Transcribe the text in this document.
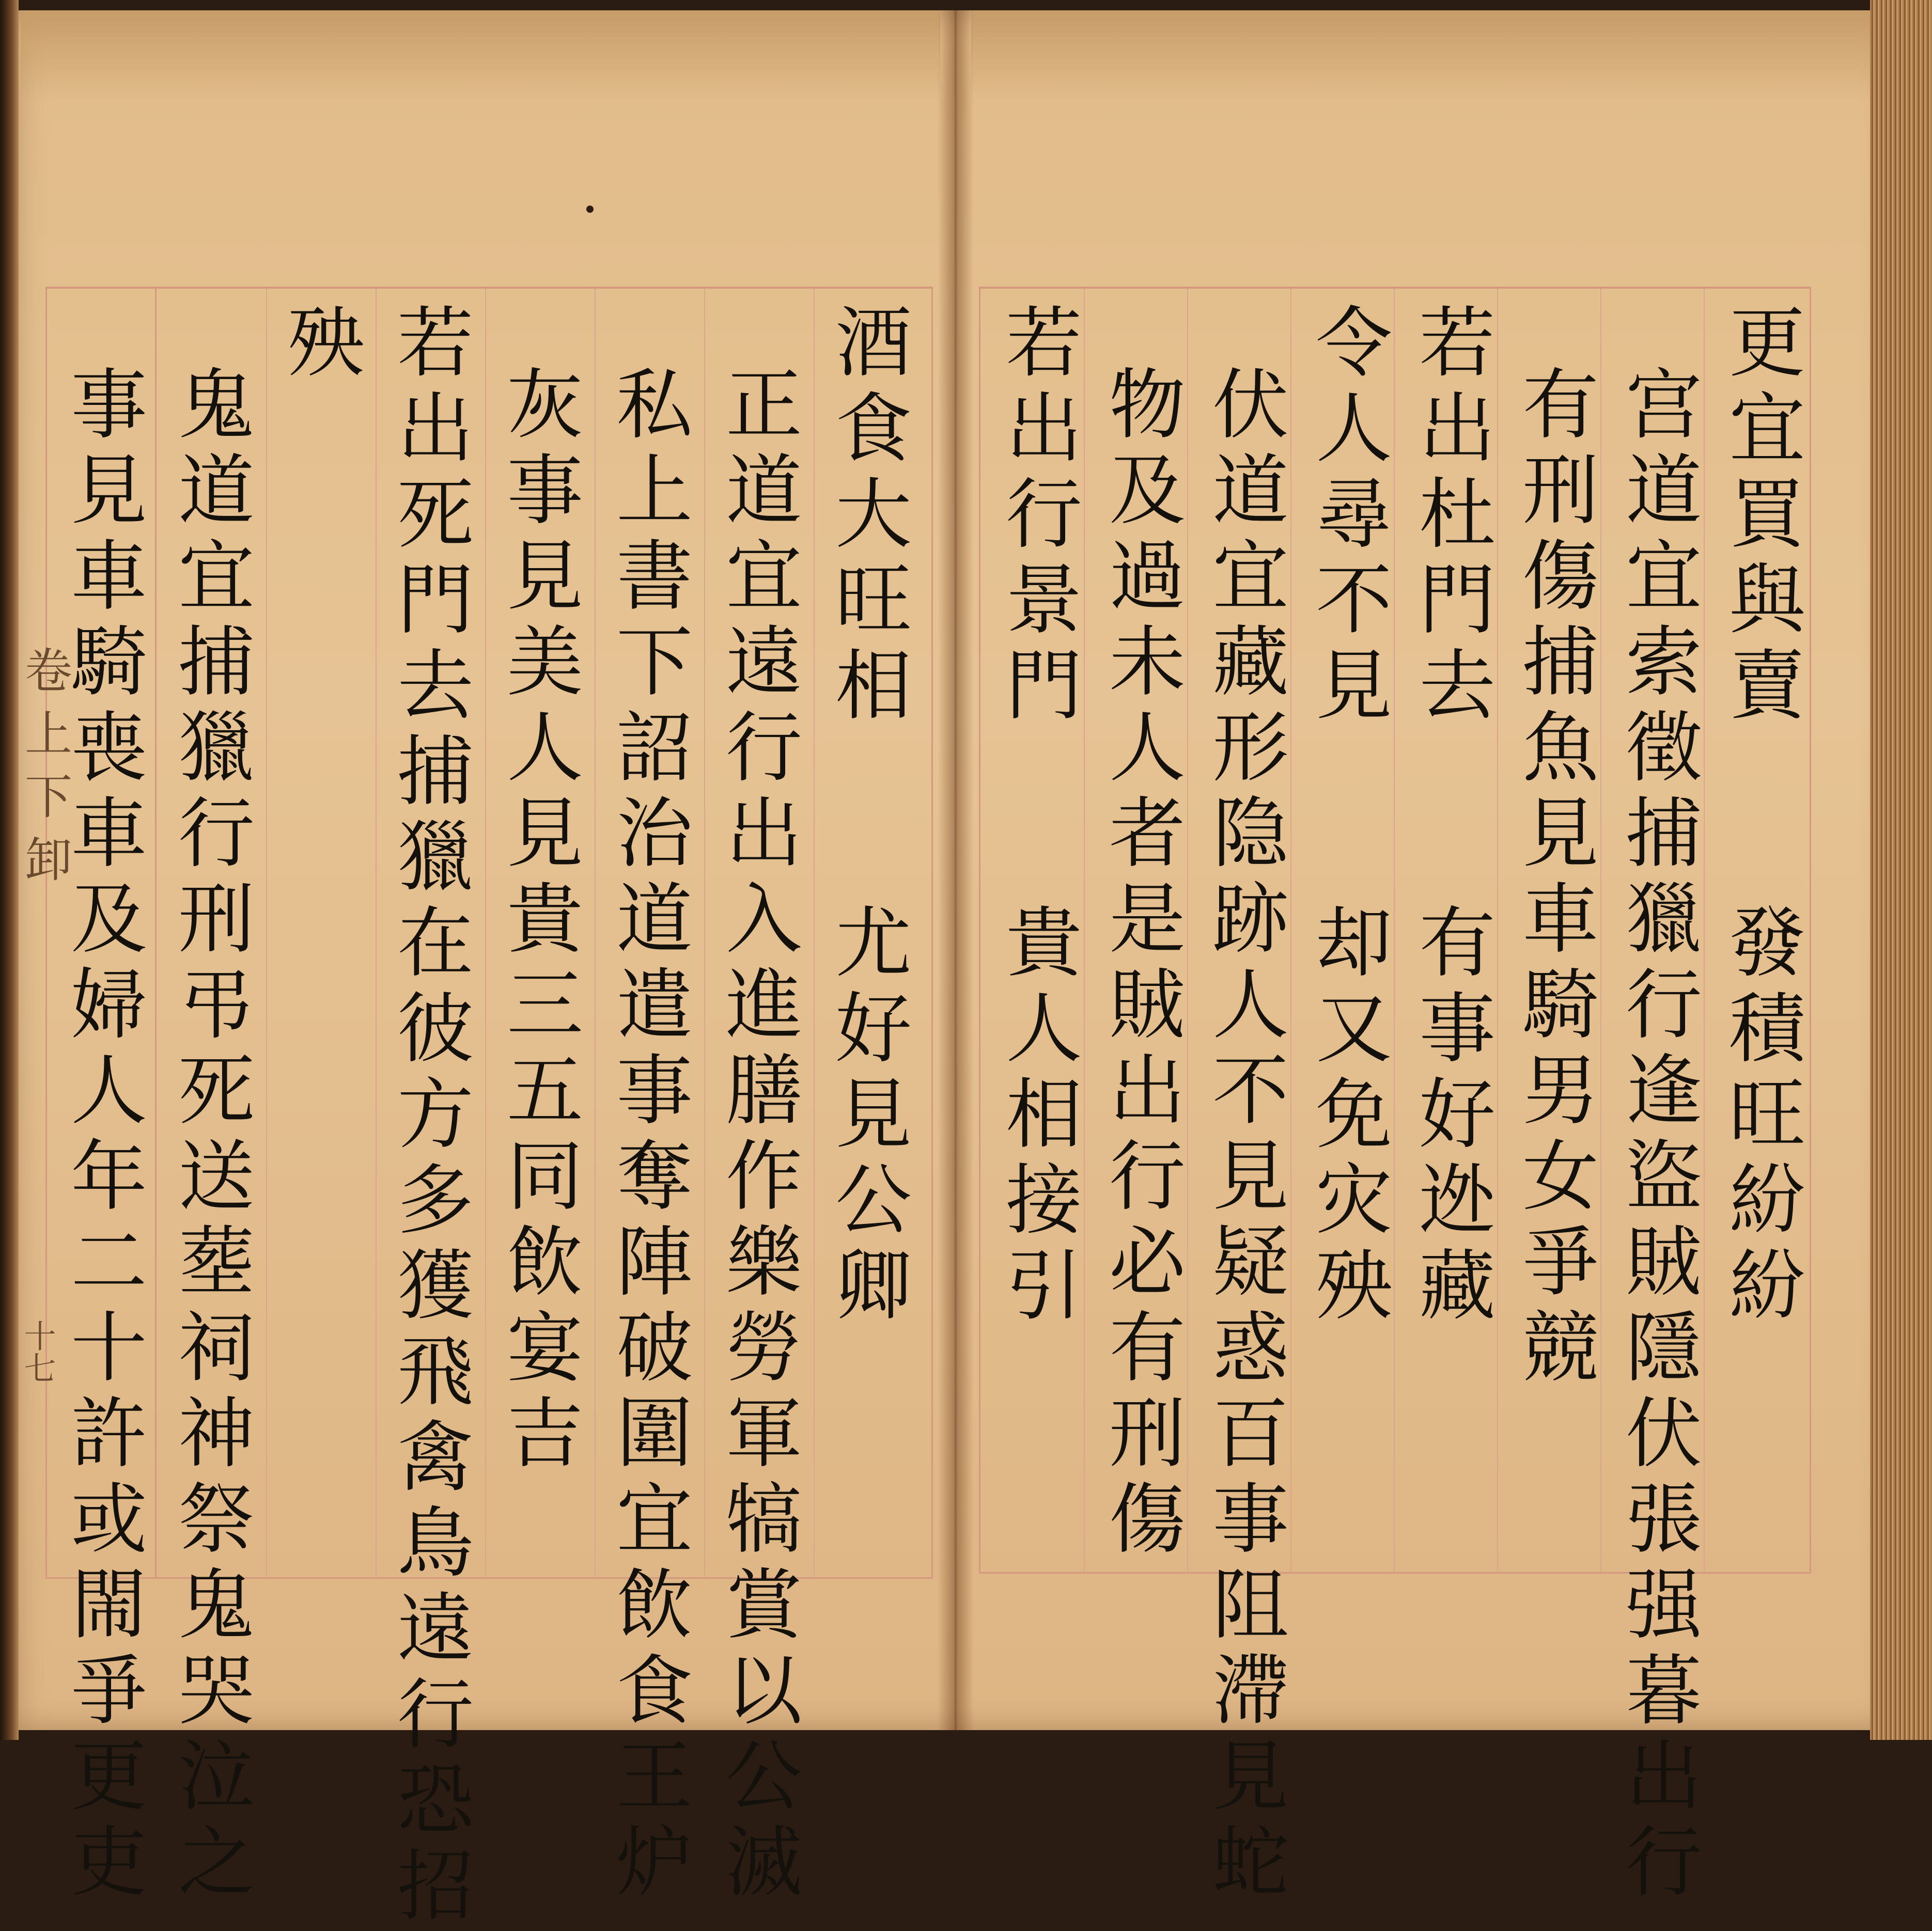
酒食大旺相　　尤好見公卿
正道宜遠行出入進膳作樂勞軍犒賞以公滅
私上書下詔治道遣事奪陣破圍宜飲食王炉
灰事見美人見貴三五同飲宴吉
若出死門去捕獵在彼方多獲飛禽鳥遠行恐招
殃
鬼道宜捕獵行刑弔死送塟祠神祭鬼哭泣之
事見車騎喪車及婦人年二十許或閙爭更吏
卷上下卸
十七
更宜買與賣　　發積旺紛紛
宫道宜索徵捕獵行逢盜賊隱伏張强暮出行
有刑傷捕魚見車騎男女爭競
若出杜門去　　有事好迯藏
令人尋不見　　却又免灾殃
伏道宜藏形隐跡人不見疑惑百事阻滯見蛇
物及過未人者是賊出行必有刑傷
若出行景門　　貴人相接引
